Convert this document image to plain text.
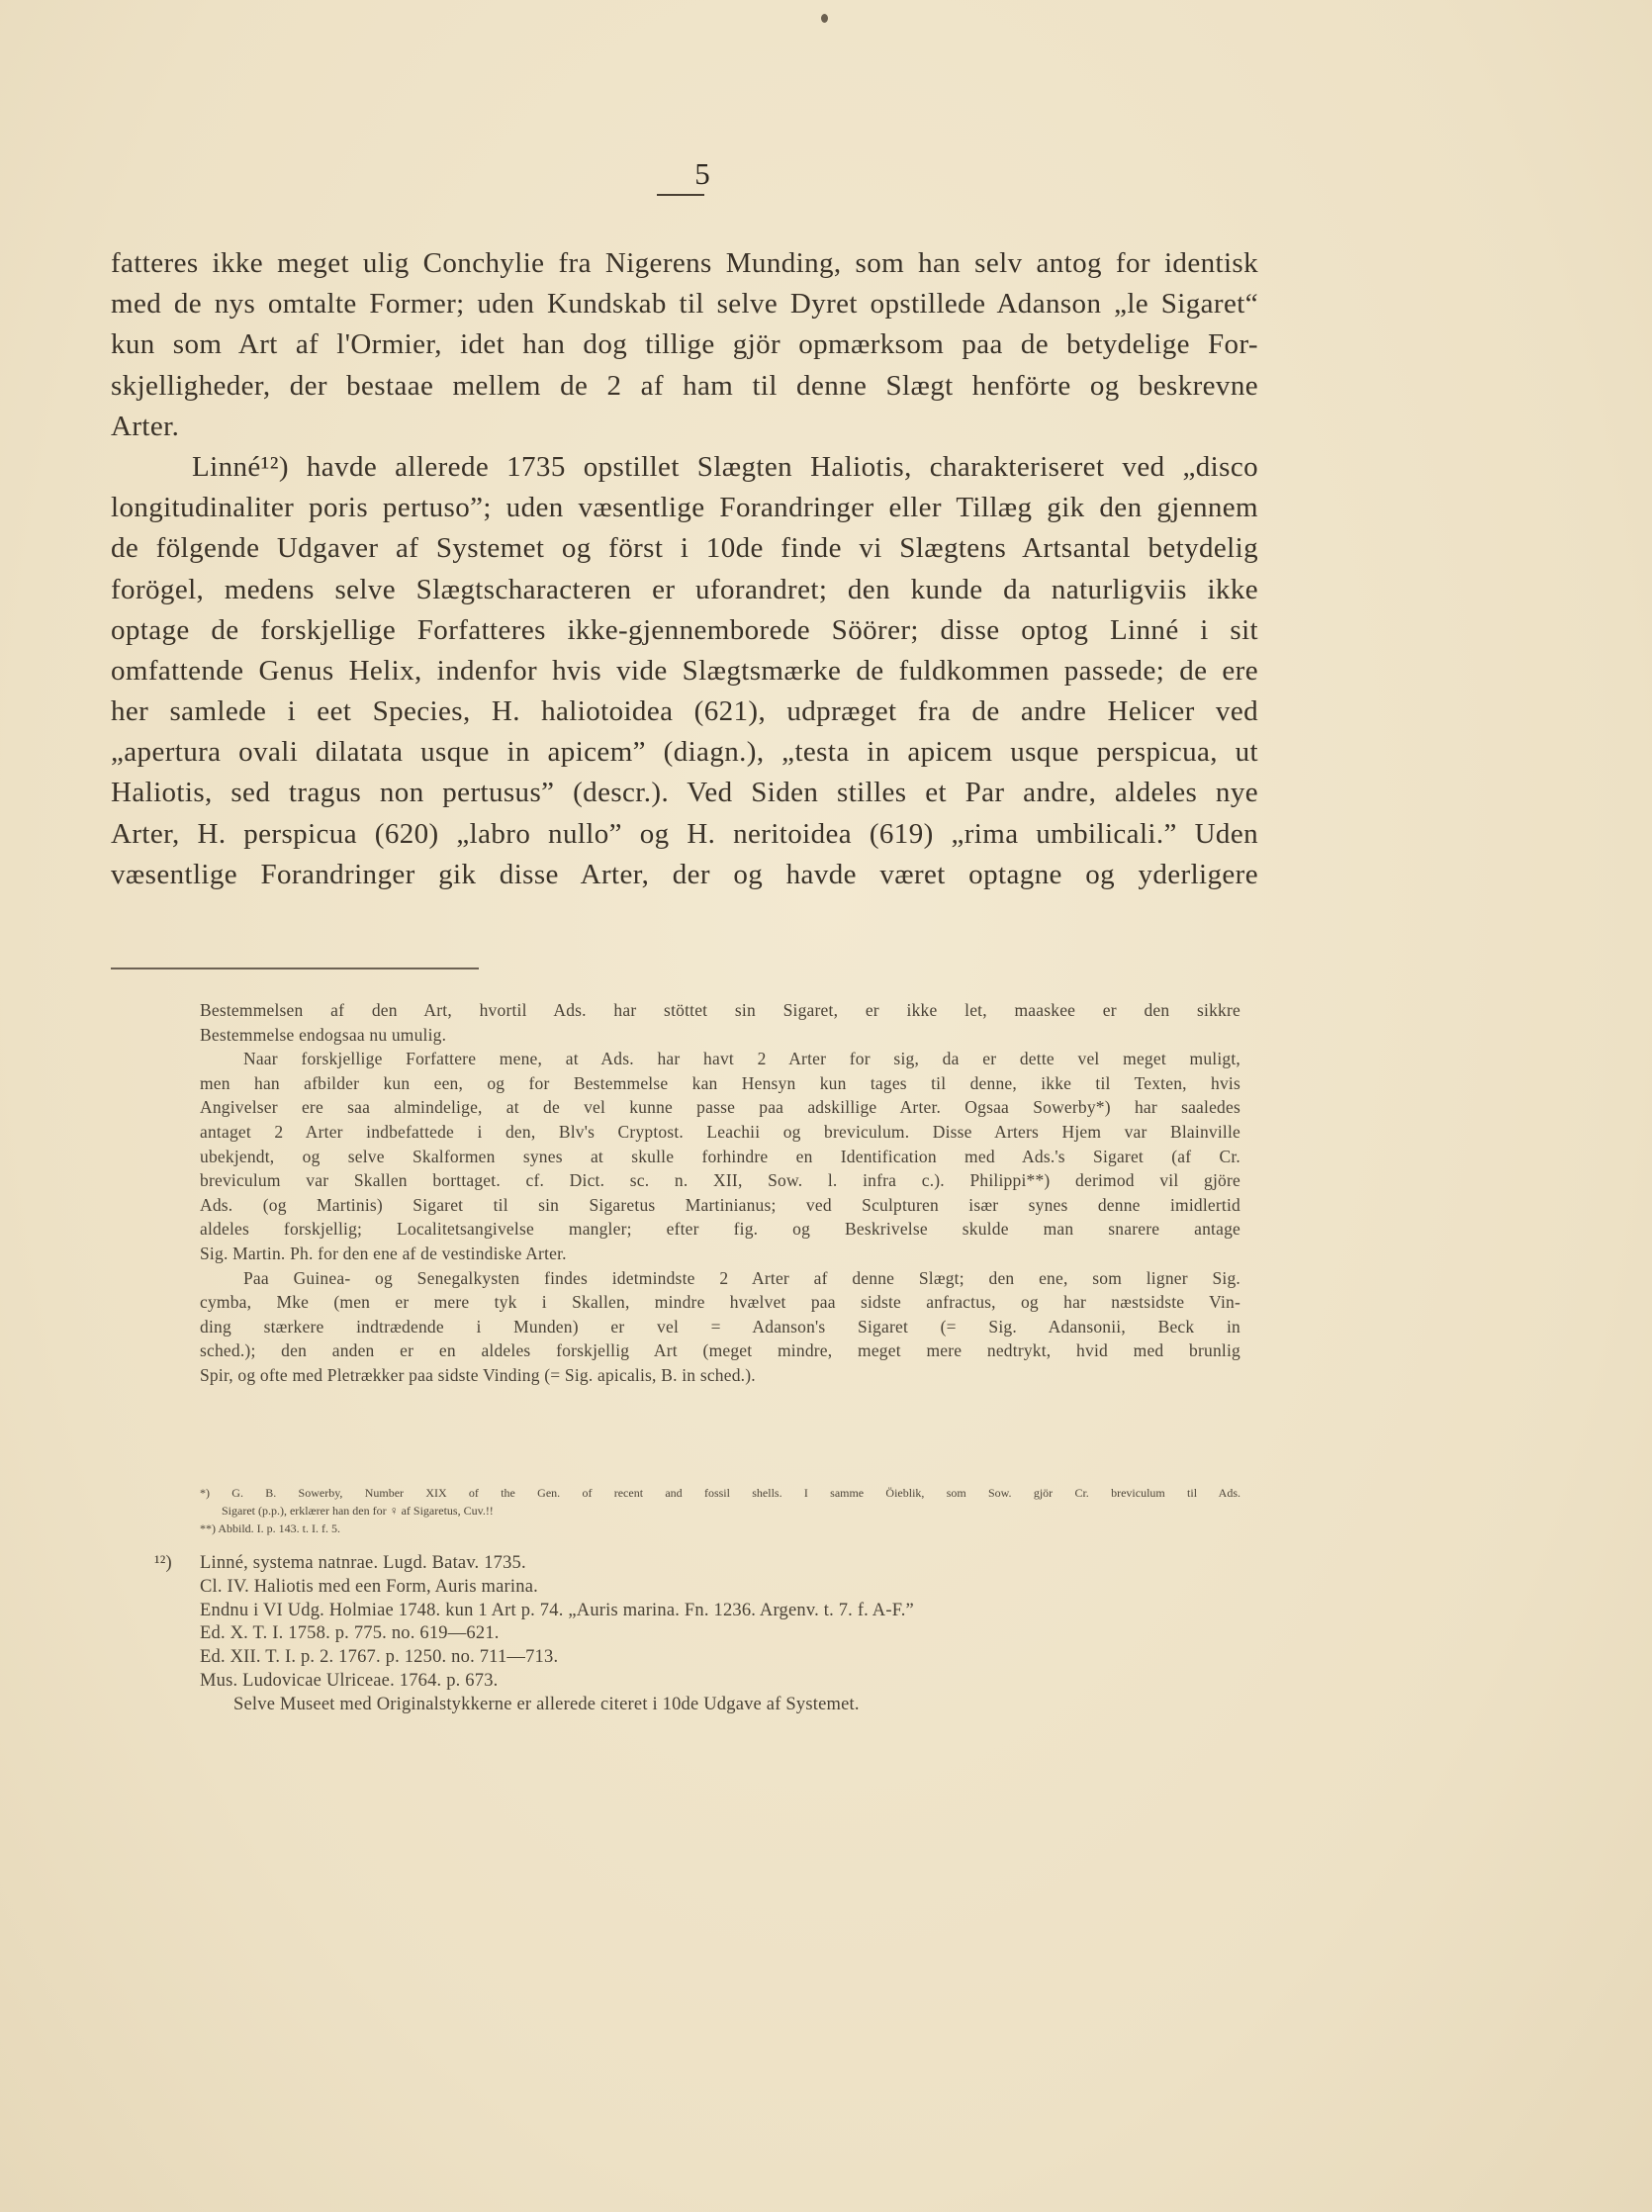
5
fatteres ikke meget ulig Conchylie fra Nigerens Munding, som han selv antog for identisk
med de nys omtalte Former; uden Kundskab til selve Dyret opstillede Adanson „le Sigaret“
kun som Art af l'Ormier, idet han dog tillige gjör opmærksom paa de betydelige For-
skjelligheder, der bestaae mellem de 2 af ham til denne Slægt henförte og beskrevne
Arter.
Linné¹²) havde allerede 1735 opstillet Slægten Haliotis, charakteriseret ved „disco
longitudinaliter poris pertuso”; uden væsentlige Forandringer eller Tillæg gik den gjennem
de fölgende Udgaver af Systemet og först i 10de finde vi Slægtens Artsantal betydelig
forögel, medens selve Slægtscharacteren er uforandret; den kunde da naturligviis ikke
optage de forskjellige Forfatteres ikke-gjennemborede Söörer; disse optog Linné i sit
omfattende Genus Helix, indenfor hvis vide Slægtsmærke de fuldkommen passede; de ere
her samlede i eet Species, H. haliotoidea (621), udpræget fra de andre Helicer ved
„apertura ovali dilatata usque in apicem” (diagn.), „testa in apicem usque perspicua, ut
Haliotis, sed tragus non pertusus” (descr.). Ved Siden stilles et Par andre, aldeles nye
Arter, H. perspicua (620) „labro nullo” og H. neritoidea (619) „rima umbilicali.” Uden
væsentlige Forandringer gik disse Arter, der og havde været optagne og yderligere
Bestemmelsen af den Art, hvortil Ads. har stöttet sin Sigaret, er ikke let, maaskee er den sikkre
Bestemmelse endogsaa nu umulig.
Naar forskjellige Forfattere mene, at Ads. har havt 2 Arter for sig, da er dette vel meget muligt,
men han afbilder kun een, og for Bestemmelse kan Hensyn kun tages til denne, ikke til Texten, hvis
Angivelser ere saa almindelige, at de vel kunne passe paa adskillige Arter. Ogsaa Sowerby*) har saaledes
antaget 2 Arter indbefattede i den, Blv's Cryptost. Leachii og breviculum. Disse Arters Hjem var Blainville
ubekjendt, og selve Skalformen synes at skulle forhindre en Identification med Ads.'s Sigaret (af Cr.
breviculum var Skallen borttaget. cf. Dict. sc. n. XII, Sow. l. infra c.). Philippi**) derimod vil gjöre
Ads. (og Martinis) Sigaret til sin Sigaretus Martinianus; ved Sculpturen især synes denne imidlertid
aldeles forskjellig; Localitetsangivelse mangler; efter fig. og Beskrivelse skulde man snarere antage
Sig. Martin. Ph. for den ene af de vestindiske Arter.
Paa Guinea- og Senegalkysten findes idetmindste 2 Arter af denne Slægt; den ene, som ligner Sig.
cymba, Mke (men er mere tyk i Skallen, mindre hvælvet paa sidste anfractus, og har næstsidste Vin-
ding stærkere indtrædende i Munden) er vel = Adanson's Sigaret (= Sig. Adansonii, Beck in
sched.); den anden er en aldeles forskjellig Art (meget mindre, meget mere nedtrykt, hvid med brunlig
Spir, og ofte med Pletrækker paa sidste Vinding (= Sig. apicalis, B. in sched.).
*) G. B. Sowerby, Number XIX of the Gen. of recent and fossil shells. I samme Öieblik, som Sow. gjör Cr. breviculum til Ads.
Sigaret (p.p.), erklærer han den for ♀ af Sigaretus, Cuv.!!
**) Abbild. I. p. 143. t. I. f. 5.
¹²) Linné, systema natnrae. Lugd. Batav. 1735.
Cl. IV. Haliotis med een Form, Auris marina.
Endnu i VI Udg. Holmiae 1748. kun 1 Art p. 74. „Auris marina. Fn. 1236. Argenv. t. 7. f. A-F.”
Ed. X. T. I. 1758. p. 775. no. 619—621.
Ed. XII. T. I. p. 2. 1767. p. 1250. no. 711—713.
Mus. Ludovicae Ulriceae. 1764. p. 673.
Selve Museet med Originalstykkerne er allerede citeret i 10de Udgave af Systemet.
